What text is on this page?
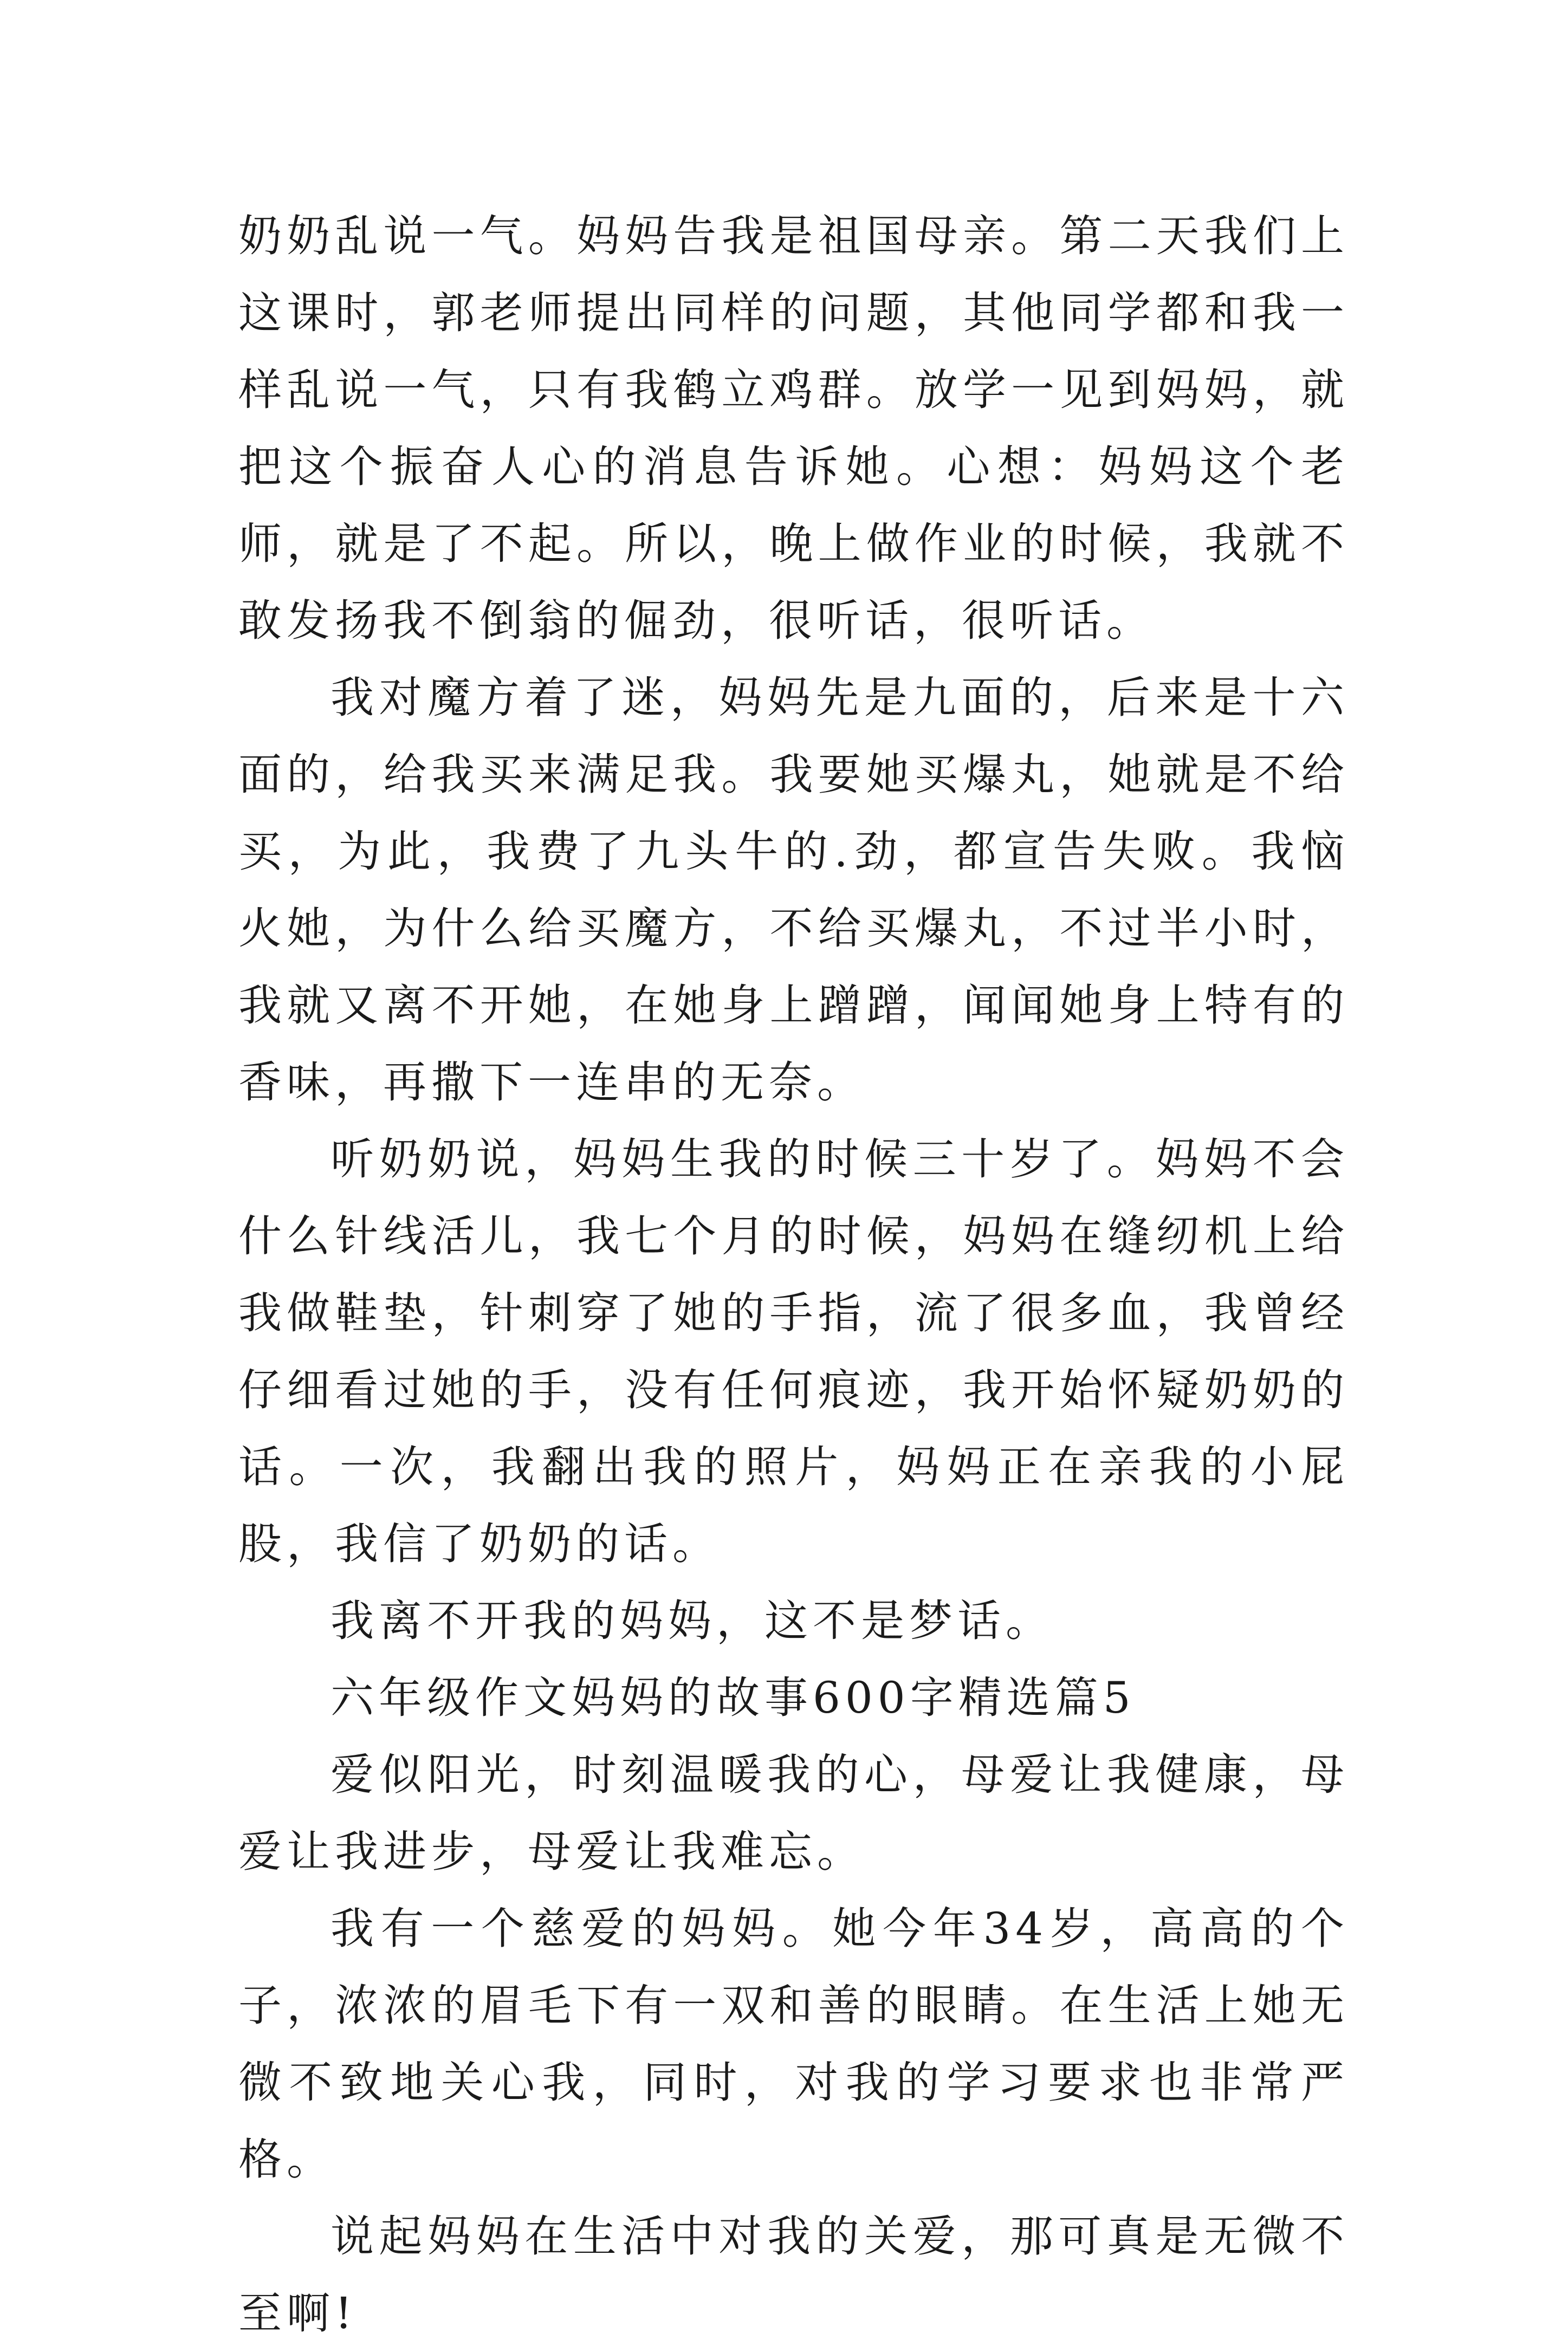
奶奶乱说一气。妈妈告我是祖国母亲。第二天我们上这课时，郭老师提出同样的问题，其他同学都和我一样乱说一气，只有我鹤立鸡群。放学一见到妈妈，就把这个振奋人心的消息告诉她。心想：妈妈这个老师，就是了不起。所以，晚上做作业的时候，我就不敢发扬我不倒翁的倔劲，很听话，很听话。

我对魔方着了迷，妈妈先是九面的，后来是十六面的，给我买来满足我。我要她买爆丸，她就是不给买，为此，我费了九头牛的.劲，都宣告失败。我恼火她，为什么给买魔方，不给买爆丸，不过半小时，我就又离不开她，在她身上蹭蹭，闻闻她身上特有的香味，再撒下一连串的无奈。

听奶奶说，妈妈生我的时候三十岁了。妈妈不会什么针线活儿，我七个月的时候，妈妈在缝纫机上给我做鞋垫，针刺穿了她的手指，流了很多血，我曾经仔细看过她的手，没有任何痕迹，我开始怀疑奶奶的话。一次，我翻出我的照片，妈妈正在亲我的小屁股，我信了奶奶的话。

我离不开我的妈妈，这不是梦话。

六年级作文妈妈的故事600字精选篇5

爱似阳光，时刻温暖我的心，母爱让我健康，母爱让我进步，母爱让我难忘。

我有一个慈爱的妈妈。她今年34岁，高高的个子，浓浓的眉毛下有一双和善的眼睛。在生活上她无微不致地关心我，同时，对我的学习要求也非常严格。

说起妈妈在生活中对我的关爱，那可真是无微不至啊!
